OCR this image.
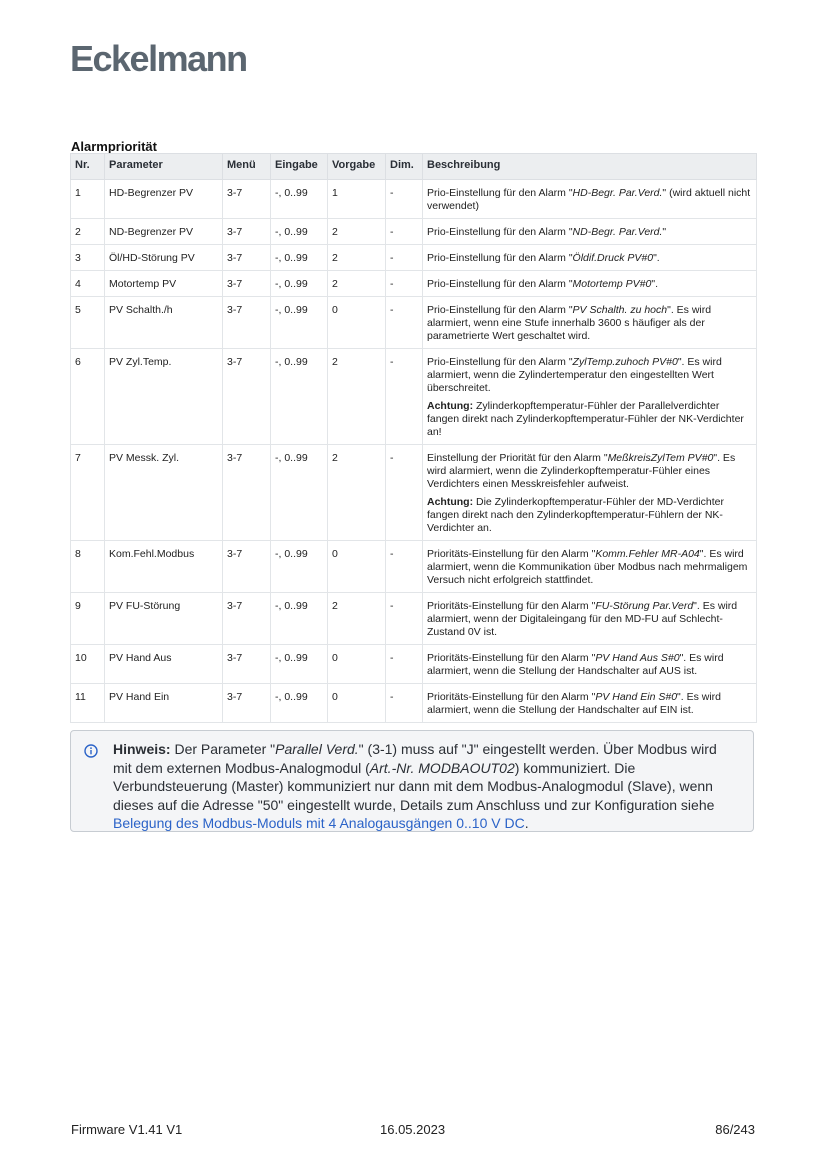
Eckelmann
Alarmpriorität
Nr.	Parameter	Menü	Eingabe	Vorgabe	Dim.	Beschreibung
1	HD-Begrenzer PV	3-7	-, 0..99	1	-	Prio-Einstellung für den Alarm "HD-Begr. Par.Verd." (wird aktuell nicht verwendet)

2	ND-Begrenzer PV	3-7	-, 0..99	2	-	Prio-Einstellung für den Alarm "ND-Begr. Par.Verd."

3	Öl/HD-Störung PV	3-7	-, 0..99	2	-	Prio-Einstellung für den Alarm "Öldif.Druck PV#0".

4	Motortemp PV	3-7	-, 0..99	2	-	Prio-Einstellung für den Alarm "Motortemp PV#0".

5	PV Schalth./h	3-7	-, 0..99	0	-	Prio-Einstellung für den Alarm "PV Schalth. zu hoch". Es wird alarmiert, wenn eine Stufe innerhalb 3600 s häufiger als der parametrierte Wert geschaltet wird.

6	PV Zyl.Temp.	3-7	-, 0..99	2	-	Prio-Einstellung für den Alarm "ZylTemp.zuhoch PV#0". Es wird alarmiert, wenn die Zylindertemperatur den eingestellten Wert überschreitet.

Achtung: Zylinderkopftemperatur-Fühler der Parallelverdichter fangen direkt nach Zylinderkopftemperatur-Fühler der NK-Verdichter an!

7	PV Messk. Zyl.	3-7	-, 0..99	2	-	Einstellung der Priorität für den Alarm "MeßkreisZylTem PV#0". Es wird alarmiert, wenn die Zylinderkopftemperatur-Fühler eines Verdichters einen Messkreisfehler aufweist.

Achtung: Die Zylinderkopftemperatur-Fühler der MD-Verdichter fangen direkt nach den Zylinderkopftemperatur-Fühlern der NK-Verdichter an.

8	Kom.Fehl.Modbus	3-7	-, 0..99	0	-	Prioritäts-Einstellung für den Alarm "Komm.Fehler MR-A04". Es wird alarmiert, wenn die Kommunikation über Modbus nach mehrmaligem Versuch nicht erfolgreich stattfindet.

9	PV FU-Störung	3-7	-, 0..99	2	-	Prioritäts-Einstellung für den Alarm "FU-Störung Par.Verd". Es wird alarmiert, wenn der Digitaleingang für den MD-FU auf Schlecht-Zustand 0V ist.

10	PV Hand Aus	3-7	-, 0..99	0	-	Prioritäts-Einstellung für den Alarm "PV Hand Aus S#0". Es wird alarmiert, wenn die Stellung der Handschalter auf AUS ist.

11	PV Hand Ein	3-7	-, 0..99	0	-	Prioritäts-Einstellung für den Alarm "PV Hand Ein S#0". Es wird alarmiert, wenn die Stellung der Handschalter auf EIN ist.

Hinweis: Der Parameter "Parallel Verd." (3-1) muss auf "J" eingestellt werden. Über Modbus wird mit dem externen Modbus-Analogmodul (Art.-Nr. MODBAOUT02) kommuniziert. Die Verbundsteuerung (Master) kommuniziert nur dann mit dem Modbus-Analogmodul (Slave), wenn dieses auf die Adresse "50" eingestellt wurde, Details zum Anschluss und zur Konfiguration siehe Belegung des Modbus-Moduls mit 4 Analogausgängen 0..10 V DC.
Firmware V1.41 V1	16.05.2023	86/243
